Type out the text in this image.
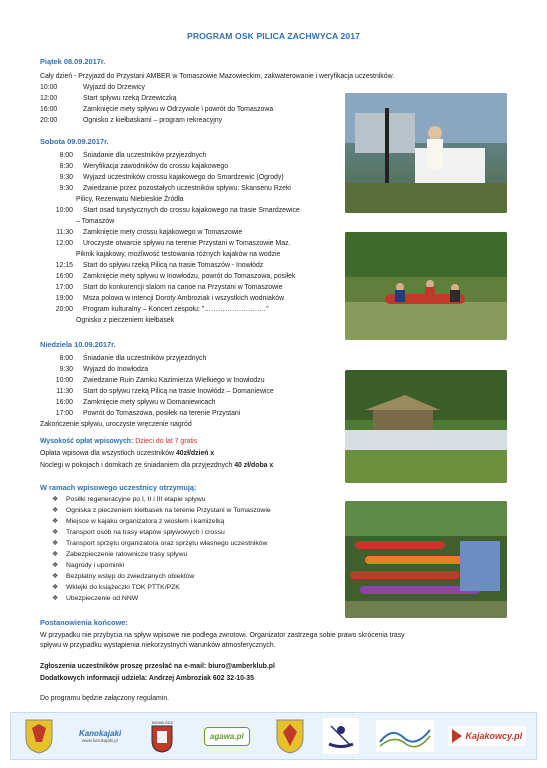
PROGRAM OSK PILICA ZACHWYCA 2017
Piątek 08.09.2017r.
Cały dzień - Przyjazd do Przystani AMBER w Tomaszowie Mazowieckim, zakwaterowanie i weryfikacja uczestników.
10:00	Wyjazd do Drzewicy
12:00	Start spływu rzeką Drzewiczką
16:00	Zamknięcie mety spływu w Odrzywole i powrót do Tomaszowa
20:00	Ognisko z kiełbaskami – program rekreacyjny
Sobota 09.09.2017r.
8:00 Śniadanie dla uczestników przyjezdnych
8:30 Weryfikacja zawodników do crossu kajakowego
9:30 Wyjazd uczestników crossu kajakowego do Smardzewic (Ogrody)
9:30 Zwiedzanie przez pozostałych uczestników spływu: Skansenu Rzeki
Pilicy, Rezerwatu Niebieskie Źródła
10:00 Start osad turystycznych do crossu kajakowego na trasie Smardzewice
– Tomaszów
11:30 Zamknięcie mety crossu kajakowego w Tomaszowie
12:00 Uroczyste otwarcie spływu na terenie Przystani w Tomaszowie Maz.
Piknik kajakowy, możliwość testowania różnych kajaków na wodzie
12:15 Start do spływu rzeką Pilicą na trasie Tomaszów - Inowłódz
16:00 Zamknięcie mety spływu w Inowłodzu, powrót do Tomaszowa, posiłek
17:00 Start do konkurencji slalom na canoe na Przystani w Tomaszowie
19:00 Msza polowa w intencji Doroty Ambroziak i wszystkich wodniaków
20:00 Program kulturalny – Koncert zespołu: "………………………"
Ognisko z pieczeniem kiełbasek
Niedziela 10.09.2017r.
8:00 Śniadanie dla uczestników przyjezdnych
9:30 Wyjazd do Inowłodza
10:00 Zwiedzanie Ruin Zamku Kazimierza Wielkiego w Inowłodzu
11:30 Start do spływu rzeką Pilicą na trasie Inowłódz – Domaniewice
16:00 Zamknięcie mety spływu w Domaniewicach
17:00 Powrót do Tomaszowa, posiłek na terenie Przystani
Zakończenie spływu, uroczyste wręczenie nagród
Wysokość opłat wpisowych: Dzieci do lat 7 gratis
Opłata wpisowa dla wszystkich uczestników 40zł/dzień x
Noclegi w pokojach i domkach ze śniadaniem dla przyjezdnych 40 zł/doba x
W ramach wpisowego uczestnicy otrzymują:
❖ Posiłki regeneracyjne po I, II i III etapie spływu
❖ Ogniska z pieczeniem kiełbasek na terenie Przystani w Tomaszowie
❖ Miejsce w kajaku organizatora z wiosłem i kamizelką
❖ Transport osób na trasy etapów spływowych i crossu
❖ Transport sprzętu organizatora oraz sprzętu własnego uczestników
❖ Zabezpieczenie ratownicze trasy spływu
❖ Nagrody i upominki
❖ Bezpłatny wstęp do zwiedzanych obiektów
❖ Wklejki do książeczki TOK PTTK/PZK
❖ Ubezpieczenie od NNW
Postanowienia końcowe:
W przypadku nie przybycia na spływ wpisowe nie podlega zwrotowi. Organizator zastrzega sobie prawo skrócenia trasy
spływu w przypadku wystąpienia niekorzystnych warunków atmosferycznych.
Zgłoszenia uczestników proszę przesłać na e-mail: biuro@amberklub.pl
Dodatkowych informacji udziela: Andrzej Ambroziak 602 32-10-35
Do programu będzie załączony regulamin.
Kanokajaki
www.karokajaki.pl
INOWŁÓDZ
agawa.pl	Kajakowcy.pl
